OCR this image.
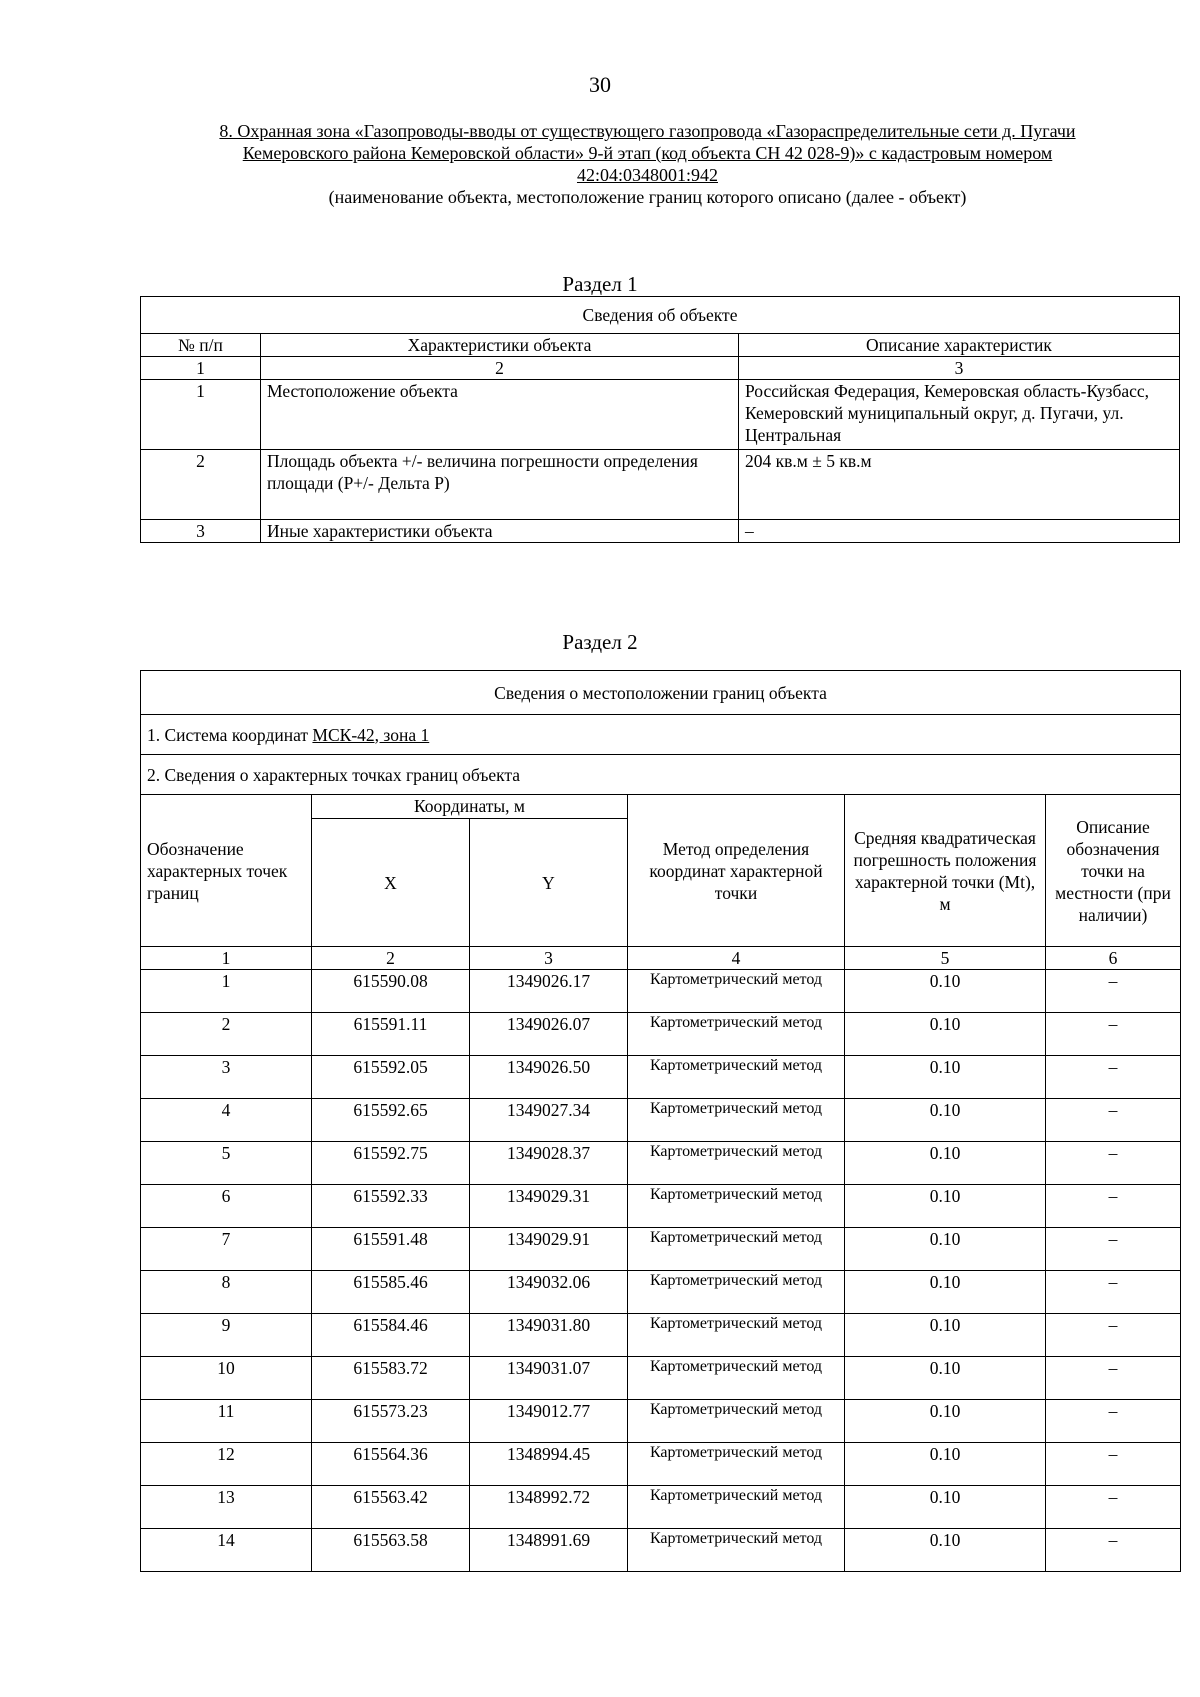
30
8. Охранная зона «Газопроводы-вводы от существующего газопровода «Газораспределительные сети д. Пугачи
Кемеровского района Кемеровской области» 9-й этап (код объекта СН 42 028-9)» с кадастровым номером
42:04:0348001:942
(наименование объекта, местоположение границ которого описано (далее - объект)
Раздел 1
Сведения об объекте		
№ п/п	Характеристики объекта	Описание характеристик
1	2	3
1	Местоположение объекта	Российская Федерация, Кемеровская область-Кузбасс, Кемеровский муниципальный округ, д. Пугачи, ул. Центральная
2	Площадь объекта +/- величина погрешности определения площади (Р+/- Дельта Р)	204 кв.м ± 5 кв.м
3	Иные характеристики объекта	–
Раздел 2
Сведения о местоположении границ объекта					
1. Система координат МСК-42, зона 1					
2. Сведения о характерных точках границ объекта					
Обозначение характерных точек границ	Координаты, м		Метод определения координат характерной точки	Средняя квадратическая погрешность положения характерной точки (Mt), м	Описание обозначения точки на местности (при наличии)
	X	Y			
1	2	3	4	5	6
1	615590.08	1349026.17	Картометрический метод	0.10	–
2	615591.11	1349026.07	Картометрический метод	0.10	–
3	615592.05	1349026.50	Картометрический метод	0.10	–
4	615592.65	1349027.34	Картометрический метод	0.10	–
5	615592.75	1349028.37	Картометрический метод	0.10	–
6	615592.33	1349029.31	Картометрический метод	0.10	–
7	615591.48	1349029.91	Картометрический метод	0.10	–
8	615585.46	1349032.06	Картометрический метод	0.10	–
9	615584.46	1349031.80	Картометрический метод	0.10	–
10	615583.72	1349031.07	Картометрический метод	0.10	–
11	615573.23	1349012.77	Картометрический метод	0.10	–
12	615564.36	1348994.45	Картометрический метод	0.10	–
13	615563.42	1348992.72	Картометрический метод	0.10	–
14	615563.58	1348991.69	Картометрический метод	0.10	–
